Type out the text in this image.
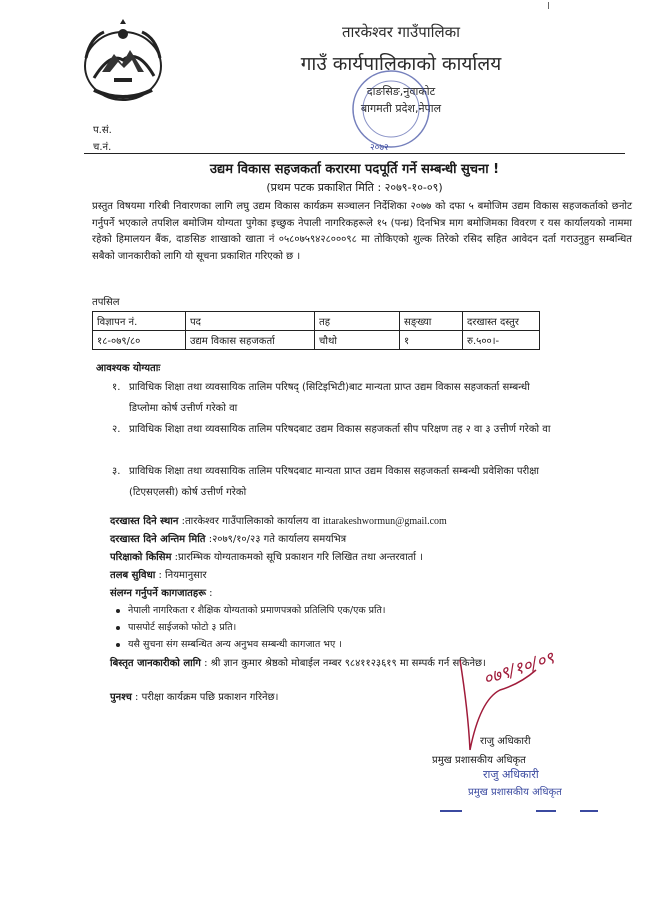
तारकेश्वर गाउँपालिका
गाउँ कार्यपालिकाको कार्यालय
दाङसिङ,नुवाकोट
बागमती प्रदेश,नेपाल
२०७२
प.सं.
च.नं.
उद्यम विकास सहजकर्ता करारमा पदपूर्ति गर्ने सम्बन्धी सुचना !
(प्रथम पटक प्रकाशित मिति : २०७९-१०-०९)
प्रस्तुत विषयमा गरिबी निवारणका लागि लघु उद्यम विकास कार्यक्रम सञ्चालन निर्देशिका २०७७ को दफा ५ बमोजिम उद्यम विकास सहजकर्ताको छनोट गर्नुपर्ने भएकाले तपशिल बमोजिम योग्यता पुगेका इच्छुक नेपाली नागरिकहरूले १५ (पन्ध्र) दिनभित्र माग बमोजिमका विवरण र यस कार्यालयको नाममा रहेको हिमालयन बैंक, दाङसिङ शाखाको खाता नं ०५८०७५९४२८०००९८ मा तोकिएको शुल्क तिरेको रसिद सहित आवेदन दर्ता गराउनुहुन सम्बन्धित सबैको जानकारीको लागि यो सूचना प्रकाशित गरिएको छ ।
तपसिल
विज्ञापन नं.	पद	तह	सङ्ख्या	दरखास्त दस्तुर
१८-०७९/८०	उद्यम विकास सहजकर्ता	चौथो	१	रु.५००।-
आवश्यक योग्यताः
१. प्राविधिक शिक्षा तथा व्यवसायिक तालिम परिषद् (सिटिइभिटी)बाट मान्यता प्राप्त उद्यम विकास सहजकर्ता सम्बन्धी डिप्लोमा कोर्ष उत्तीर्ण गरेको वा
२. प्राविधिक शिक्षा तथा व्यवसायिक तालिम परिषदबाट उद्यम विकास सहजकर्ता सीप परिक्षण तह २ वा ३ उत्तीर्ण गरेको वा
३. प्राविधिक शिक्षा तथा व्यवसायिक तालिम परिषदबाट मान्यता प्राप्त उद्यम विकास सहजकर्ता सम्बन्धी प्रवेशिका परीक्षा (टिएसएलसी) कोर्ष उत्तीर्ण गरेको
दरखास्त दिने स्थान :तारकेश्वर गाउँपालिकाको कार्यालय वा ittarakeshwormun@gmail.com
दरखास्त दिने अन्तिम मिति :२०७९/१०/२३ गते कार्यालय समयभित्र
परिक्षाको किसिम :प्रारम्भिक योग्यताकमको सूचि प्रकाशन गरि लिखित तथा अन्तरवार्ता ।
तलब सुविधा : नियमानुसार
संलग्न गर्नुपर्ने कागजातहरू :
नेपाली नागरिकता र शैक्षिक योग्यताको प्रमाणपत्रको प्रतिलिपि एक/एक प्रति।
पासपोर्ट साईजको फोटो ३ प्रति।
यसै सुचना संग सम्बन्धित अन्य अनुभव सम्बन्धी कागजात भए ।
बिस्तृत जानकारीको लागि : श्री ज्ञान कुमार श्रेष्ठको मोबाईल नम्बर ९८४११२३६१९ मा सम्पर्क गर्न सकिनेछ।
पुनश्च : परीक्षा कार्यक्रम पछि प्रकाशन गरिनेछ।
०७९/१०/०९
राजु अधिकारी
प्रमुख प्रशासकीय अधिकृत
राजु अधिकारी
प्रमुख प्रशासकीय अधिकृत
